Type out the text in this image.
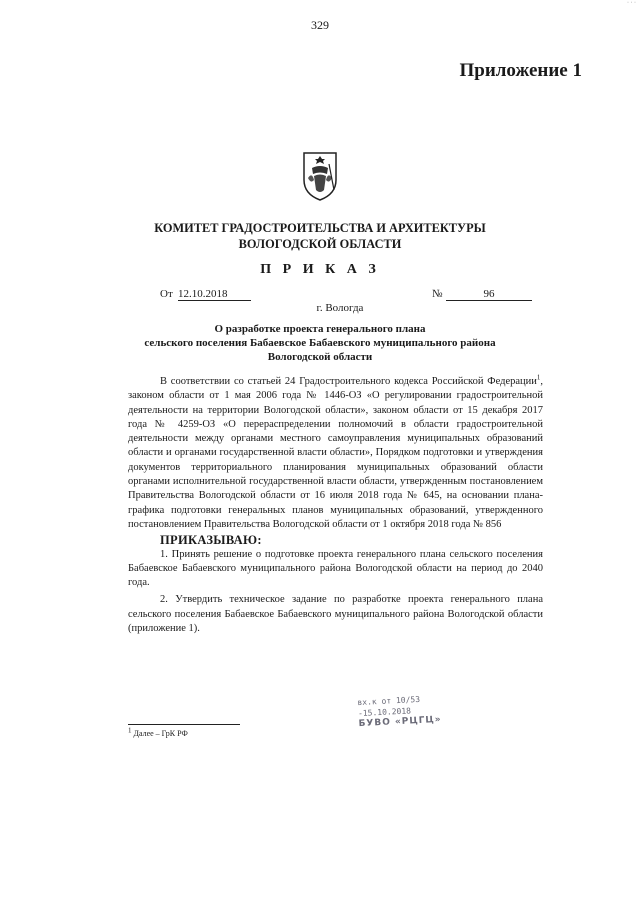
· · ·
329
Приложение 1
КОМИТЕТ ГРАДОСТРОИТЕЛЬСТВА И АРХИТЕКТУРЫ
ВОЛОГОДСКОЙ ОБЛАСТИ
П Р И К А З
От 12.10.2018	№	96
г. Вологда
О разработке проекта генерального плана
сельского поселения Бабаевское Бабаевского муниципального района
Вологодской области

В соответствии со статьей 24 Градостроительного кодекса Российской Федерации$^1$, законом области от 1 мая 2006 года № 1446-ОЗ «О регулировании градостроительной деятельности на территории Вологодской области», законом области от 15 декабря 2017 года № 4259-ОЗ «О перераспределении полномочий в области градостроительной деятельности между органами местного самоуправления муниципальных образований области и органами государственной власти области», Порядком подготовки и утверждения документов территориального планирования муниципальных образований области органами исполнительной государственной власти области, утвержденным постановлением Правительства Вологодской области от 16 июля 2018 года № 645, на основании плана-графика подготовки генеральных планов муниципальных образований, утвержденного постановлением Правительства Вологодской области от 1 октября 2018 года № 856

ПРИКАЗЫВАЮ:

1. Принять решение о подготовке проекта генерального плана сельского поселения Бабаевское Бабаевского муниципального района Вологодской области на период до 2040 года.

2. Утвердить техническое задание по разработке проекта генерального плана сельского поселения Бабаевское Бабаевского муниципального района Вологодской области (приложение 1).

вх.к от 10/53
-15.10.2018
БУВО «РЦГЦ»
$^1$ Далее – ГрК РФ
